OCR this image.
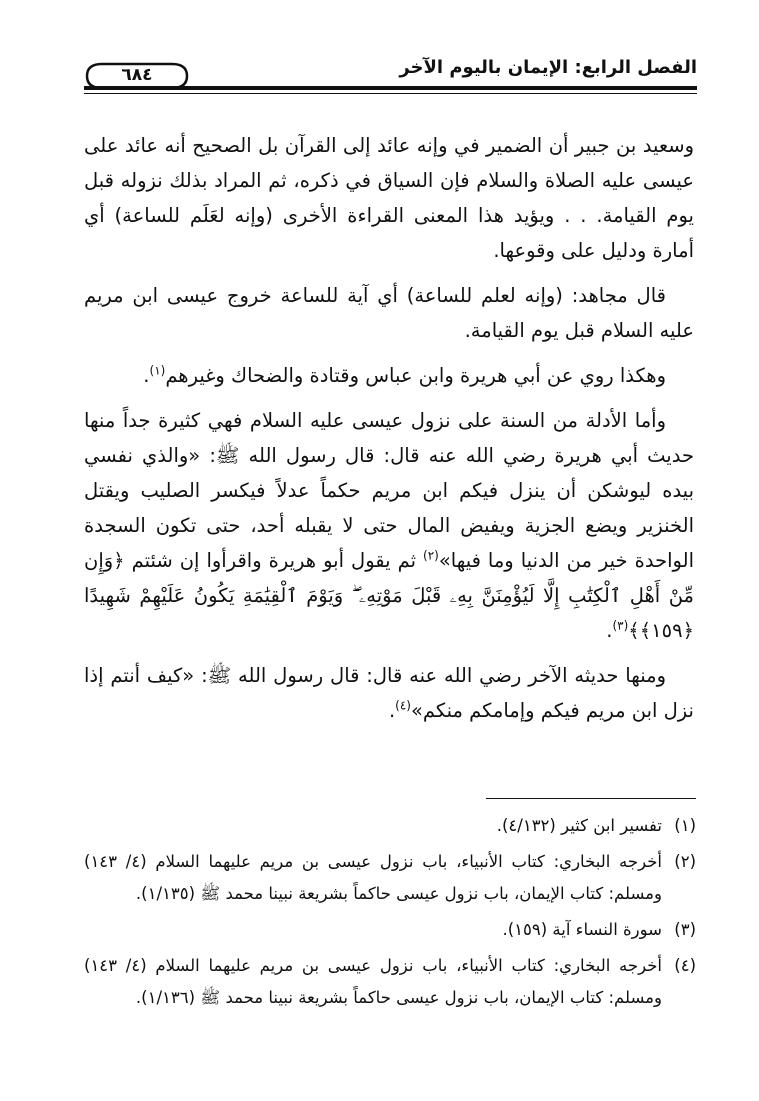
الفصل الرابع: الإيمان باليوم الآخر
٦٨٤

وسعيد بن جبير أن الضمير في وإنه عائد إلى القرآن بل الصحيح أنه عائد على عيسى عليه الصلاة والسلام فإن السياق في ذكره، ثم المراد بذلك نزوله قبل يوم القيامة. . . ويؤيد هذا المعنى القراءة الأخرى (وإنه لعَلَم للساعة) أي أمارة ودليل على وقوعها.

قال مجاهد: (وإنه لعلم للساعة) أي آية للساعة خروج عيسى ابن مريم عليه السلام قبل يوم القيامة.

وهكذا روي عن أبي هريرة وابن عباس وقتادة والضحاك وغيرهم$^{(١)}$.

وأما الأدلة من السنة على نزول عيسى عليه السلام فهي كثيرة جداً منها حديث أبي هريرة رضي الله عنه قال: قال رسول الله ﷺ: «والذي نفسي بيده ليوشكن أن ينزل فيكم ابن مريم حكماً عدلاً فيكسر الصليب ويقتل الخنزير ويضع الجزية ويفيض المال حتى لا يقبله أحد، حتى تكون السجدة الواحدة خير من الدنيا وما فيها»$^{(٢)}$ ثم يقول أبو هريرة واقرأوا إن شئتم ﴿وَإِن مِّنْ أَهْلِ ٱلْكِتَٰبِ إِلَّا لَيُؤْمِنَنَّ بِهِۦ قَبْلَ مَوْتِهِۦ ۖ وَيَوْمَ ٱلْقِيَٰمَةِ يَكُونُ عَلَيْهِمْ شَهِيدًا ﴿١٥٩﴾﴾$^{(٣)}$.

ومنها حديثه الآخر رضي الله عنه قال: قال رسول الله ﷺ: «كيف أنتم إذا نزل ابن مريم فيكم وإمامكم منكم»$^{(٤)}$.

(١)
تفسير ابن كثير (٤/١٣٢).
(٢)
أخرجه البخاري: كتاب الأنبياء، باب نزول عيسى بن مريم عليهما السلام (٤/ ١٤٣) ومسلم: كتاب الإيمان، باب نزول عيسى حاكماً بشريعة نبينا محمد ﷺ (١/١٣٥).
(٣)
سورة النساء آية (١٥٩).
(٤)
أخرجه البخاري: كتاب الأنبياء، باب نزول عيسى بن مريم عليهما السلام (٤/ ١٤٣) ومسلم: كتاب الإيمان، باب نزول عيسى حاكماً بشريعة نبينا محمد ﷺ (١/١٣٦).
